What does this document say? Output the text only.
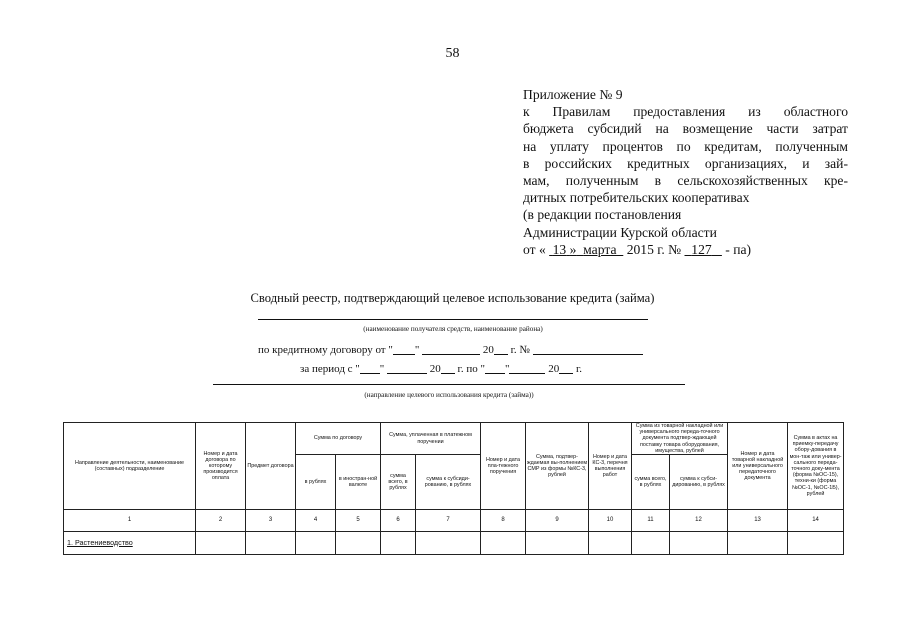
58
Приложение № 9
к Правилам предоставления из областного
бюджета субсидий на возмещение части затрат
на уплату процентов по кредитам, полученным
в российских кредитных организациях, и зай-
мам, полученным в сельскохозяйственных кре-
дитных потребительских кооперативах
(в редакции постановления
Администрации Курской области
от « 13 » марта 2015 г. № 127 - па)
Сводный реестр, подтверждающий целевое использование кредита (займа)
(наименование получателя средств, наименование района)
по кредитному договору от " "	20 г. №
за период с " "	20 г. по " "	20 г.
(направление целевого использования кредита (займа))
Направление деятельности, наименование (составных) подразделение	Номер и дата договора по которому производится оплата	Предмет договора	Сумма по договору		Сумма, уплаченная в платежном поручении		Номер и дата пла-тежного поручения	Сумма, подтвер-ждаемая вы-полнением СМР из формы №КС-3, рублей	Номер и дата КС-3, перечня выполнения работ	Сумма из товарной накладной или универсального переда-точного документа подтвер-ждающей поставку товара оборудования, имущества, рублей		Номер и дата товарной накладной или универсального передаточного документа	Сумма в актах на приемку-передачу обору-дования в мон-таж или универ-сального переда-точного доку-мента (форма №ОС-15), техни-ки (форма №ОС-1, №ОС-1Б), рублей
			в рублях	в иностран-ной валюте	сумма всего, в рублях	сумма к субсиди-рованию, в рублях				сумма всего, в рублях	сумма к субси-дированию, в рублях		
1	2	3	4	5	6	7	8	9	10	11	12	13	14
1. Растениеводство													
